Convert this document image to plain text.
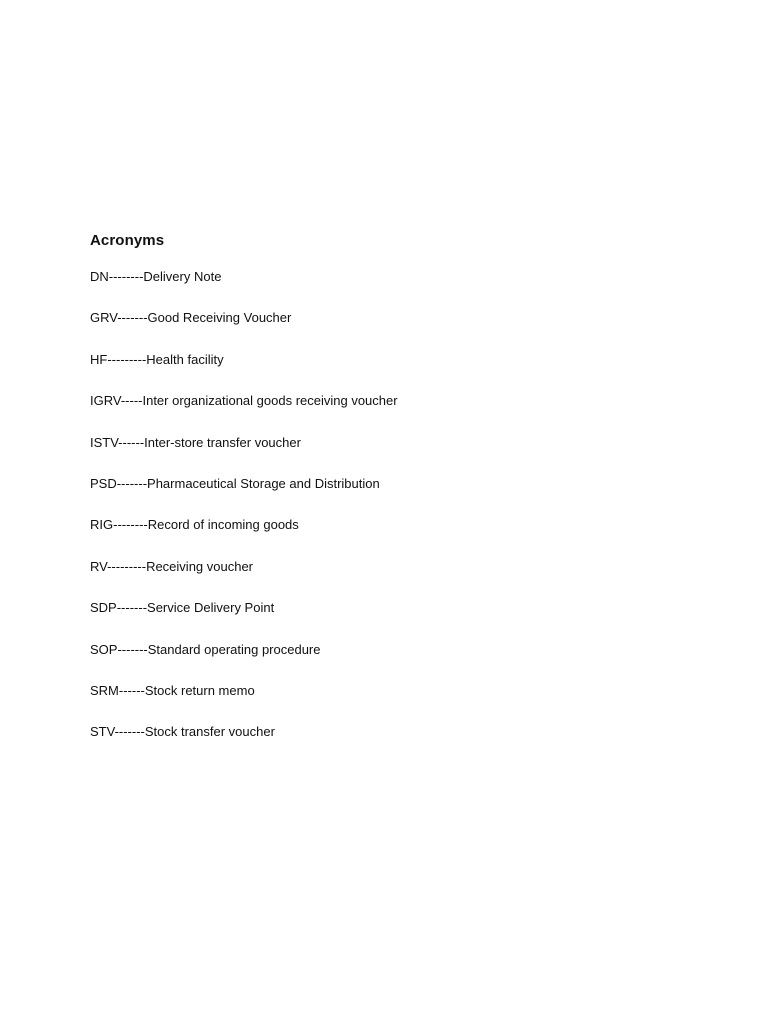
Acronyms
DN--------Delivery Note
GRV-------Good Receiving Voucher
HF---------Health facility
IGRV-----Inter organizational goods receiving voucher
ISTV------Inter-store transfer voucher
PSD-------Pharmaceutical Storage and Distribution
RIG--------Record of incoming goods
RV---------Receiving voucher
SDP-------Service Delivery Point
SOP-------Standard operating procedure
SRM------Stock return memo
STV-------Stock transfer voucher
